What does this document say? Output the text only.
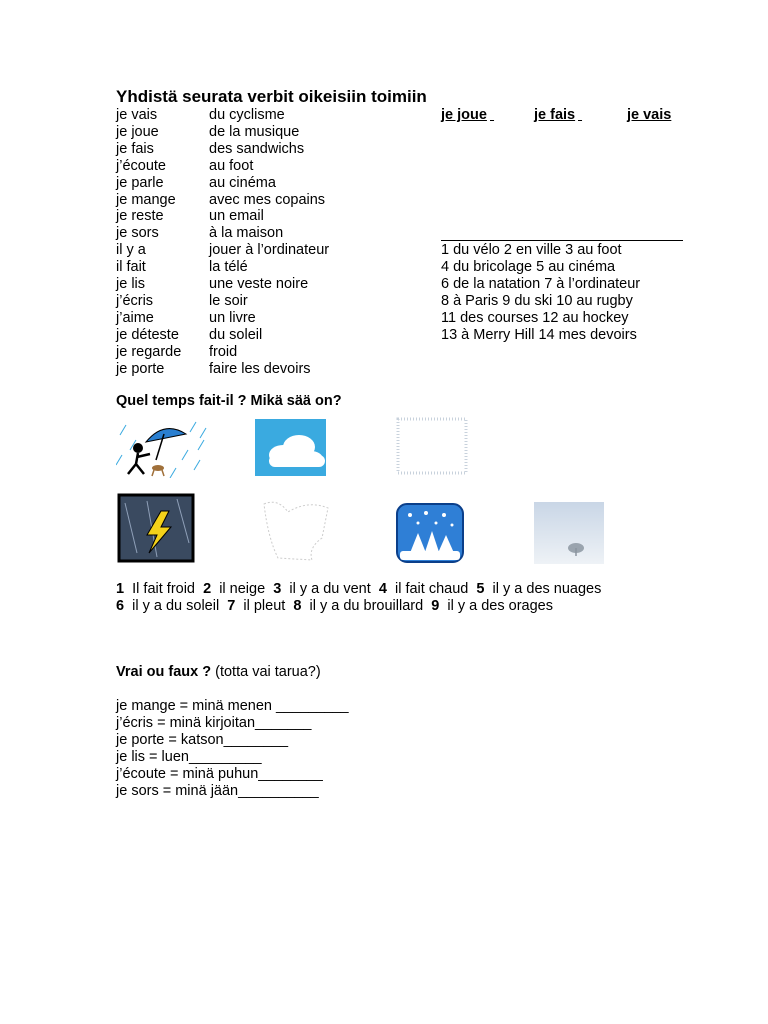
Yhdistä seurata verbit oikeisiin toimiin
je vais
je joue
je fais
j’écoute
je parle
je mange
je reste
je sors
il y a
il fait
je lis
j’écris
j’aime
je déteste
je regarde
je porte
du cyclisme
de la musique
des sandwichs
au foot
au cinéma
avec mes copains
un email
à la maison
jouer à l’ordinateur
la télé
une veste noire
le soir
un livre
du soleil
froid
faire les devoirs
je joue
	je fais
	je vais
1 du vélo 2 en ville 3 au foot
4 du bricolage 5 au cinéma
6 de la natation 7 à l’ordinateur
8 à Paris 9 du ski 10 au rugby
11 des courses 12 au hockey
13 à Merry Hill 14 mes devoirs
Quel temps fait-il ? Mikä sää on?
1 Il fait froid 2 il neige 3 il y a du vent 4 il fait chaud 5 il y a des nuages
6 il y a du soleil 7 il pleut 8 il y a du brouillard 9 il y a des orages
Vrai ou faux ? (totta vai tarua?)
je mange = minä menen _________
j’écris = minä kirjoitan_______
je porte = katson________
je lis = luen_________
j’écoute = minä puhun________
je sors = minä jään__________
